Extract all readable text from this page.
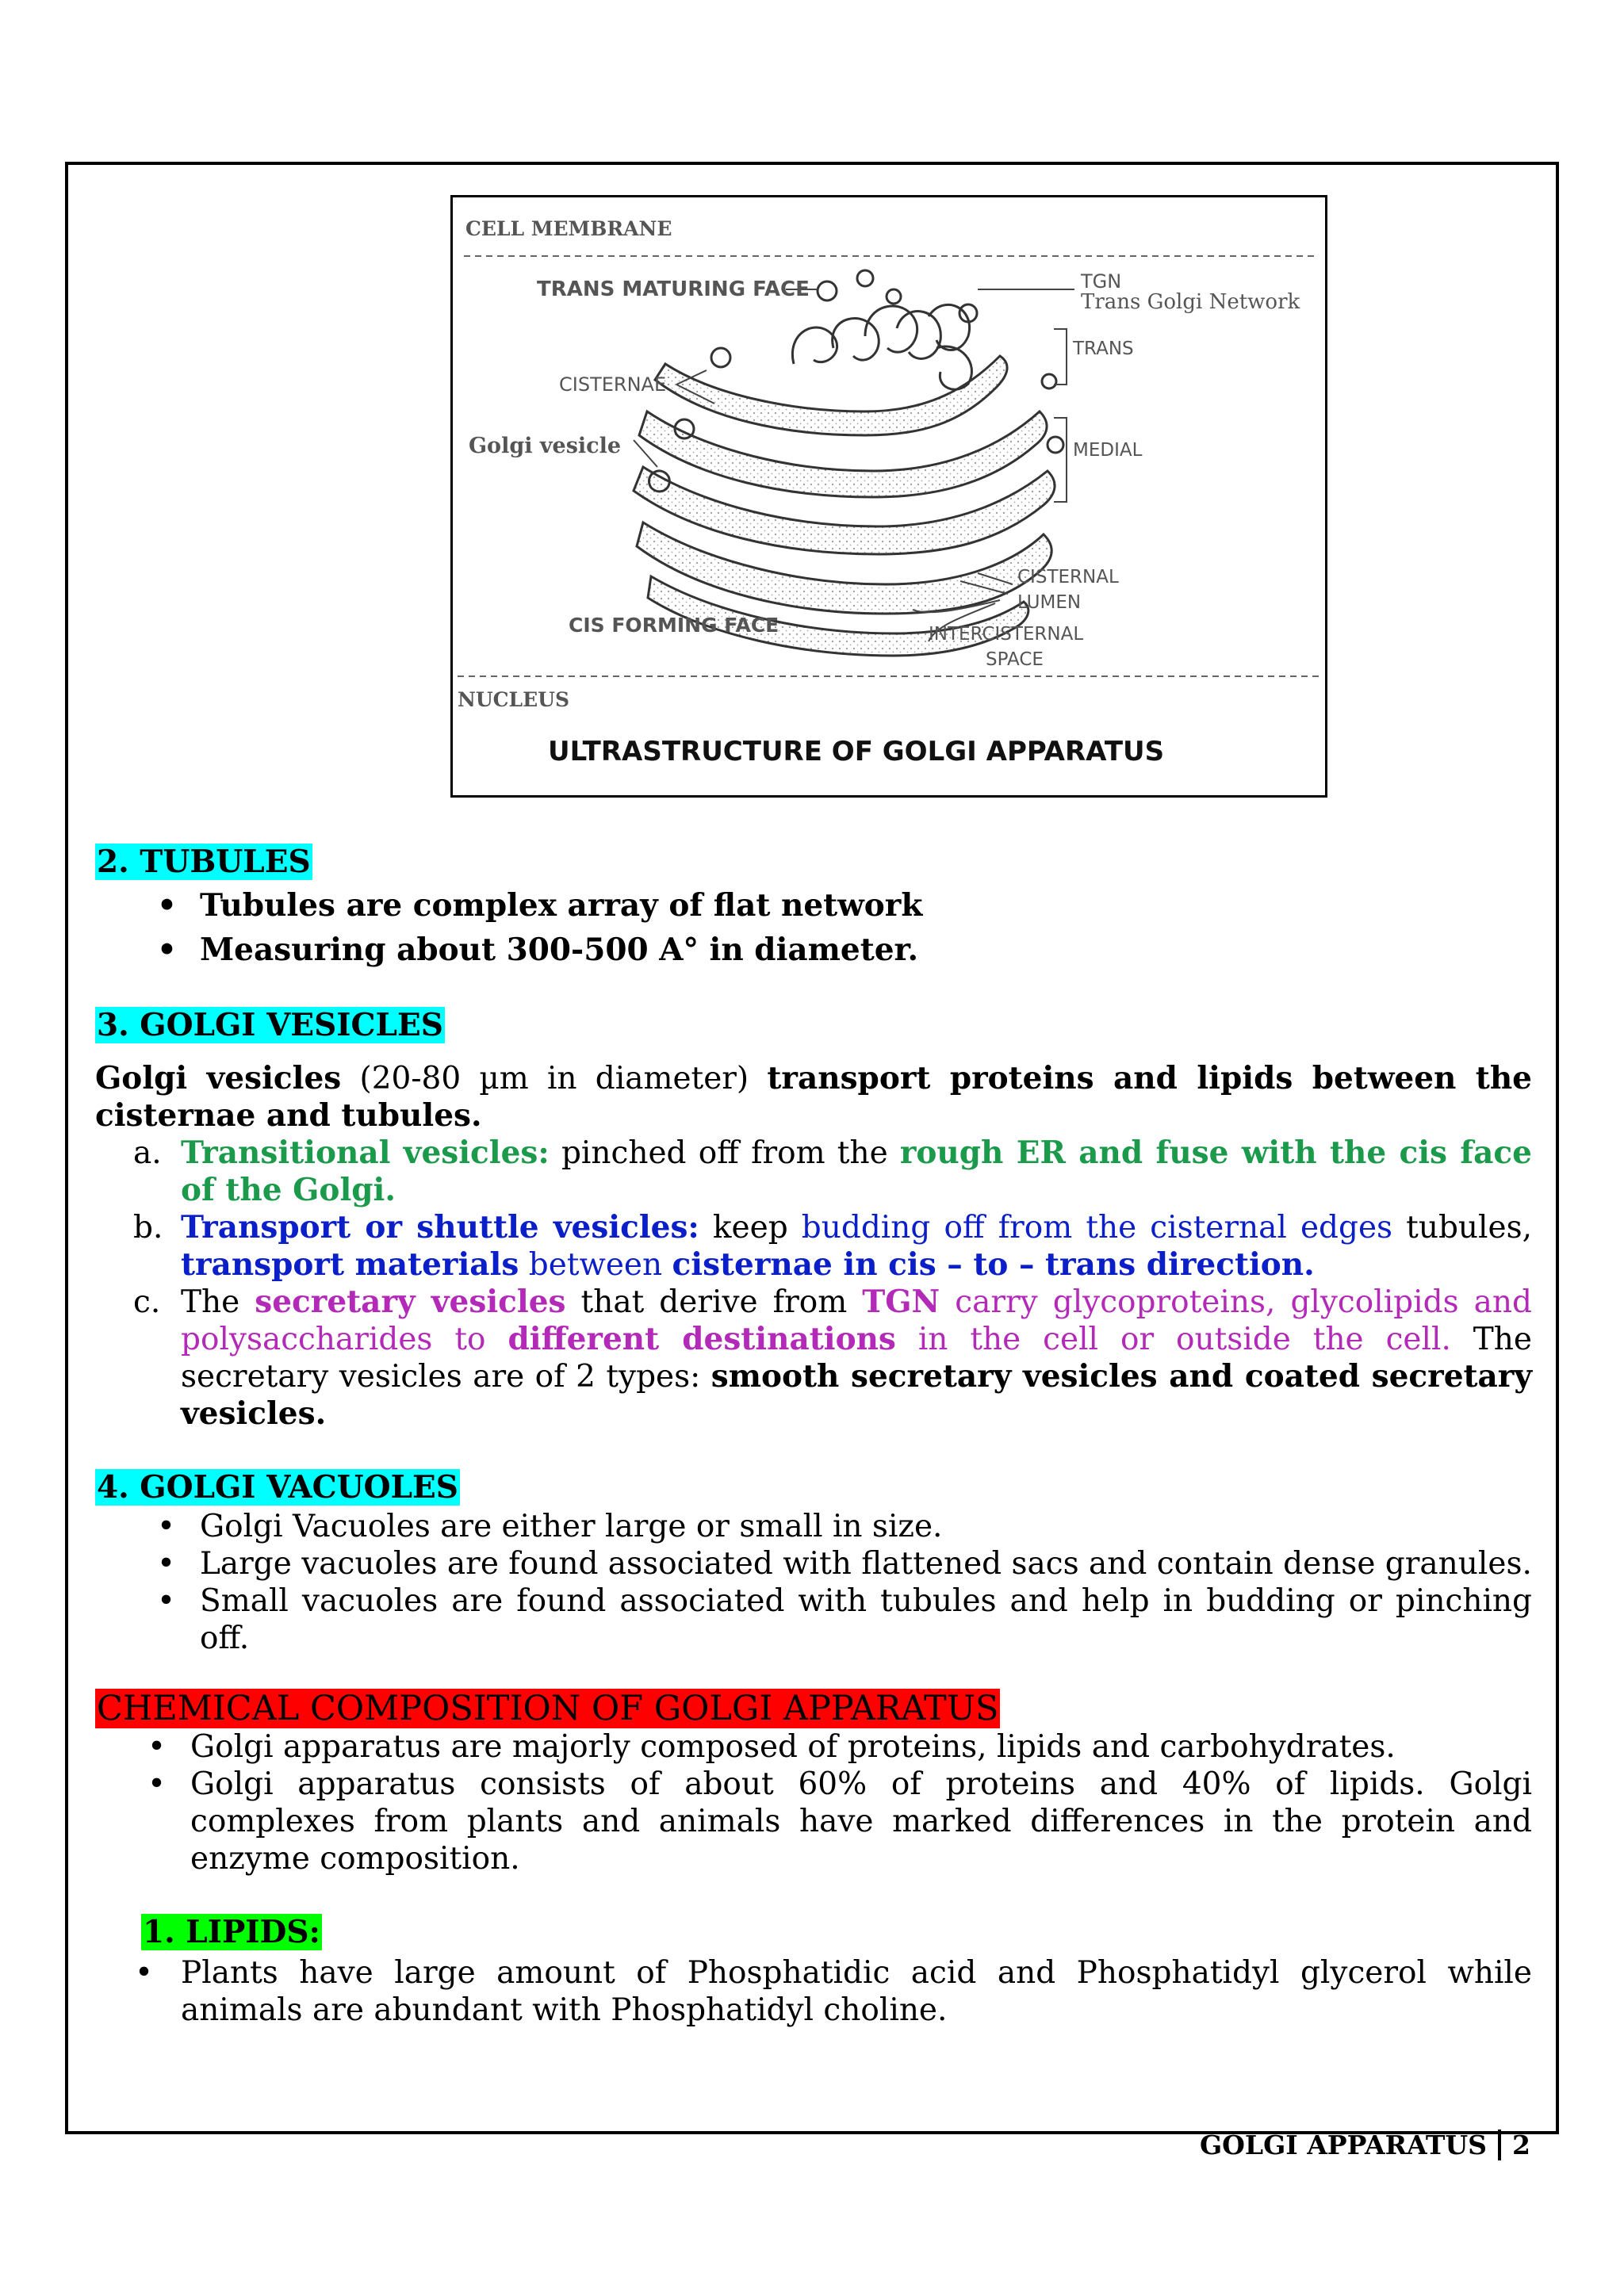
CELL MEMBRANE
TRANS MATURING FACE	TGN
Trans Golgi Network
TRANS
CISTERNAE
Golgi vesicle	MEDIAL
CISTERNAL
LUMEN
CIS FORMING FACE	INTERCISTERNAL
SPACE
NUCLEUS
ULTRASTRUCTURE OF GOLGI APPARATUS
2. TUBULES
• Tubules are complex array of flat network
• Measuring about 300-500 A° in diameter.
3. GOLGI VESICLES
Golgi vesicles (20-80 µm in diameter) transport proteins and lipids between the cisternae and tubules.
a. Transitional vesicles: pinched off from the rough ER and fuse with the cis face of the Golgi.
b. Transport or shuttle vesicles: keep budding off from the cisternal edges tubules, transport materials between cisternae in cis – to – trans direction.
c. The secretary vesicles that derive from TGN carry glycoproteins, glycolipids and polysaccharides to different destinations in the cell or outside the cell. The secretary vesicles are of 2 types: smooth secretary vesicles and coated secretary vesicles.
4. GOLGI VACUOLES
• Golgi Vacuoles are either large or small in size.
• Large vacuoles are found associated with flattened sacs and contain dense granules.
• Small vacuoles are found associated with tubules and help in budding or pinching off.
CHEMICAL COMPOSITION OF GOLGI APPARATUS
• Golgi apparatus are majorly composed of proteins, lipids and carbohydrates.
• Golgi apparatus consists of about 60% of proteins and 40% of lipids. Golgi complexes from plants and animals have marked differences in the protein and enzyme composition.
1. LIPIDS:
• Plants have large amount of Phosphatidic acid and Phosphatidyl glycerol while animals are abundant with Phosphatidyl choline.
GOLGI APPARATUS 2
